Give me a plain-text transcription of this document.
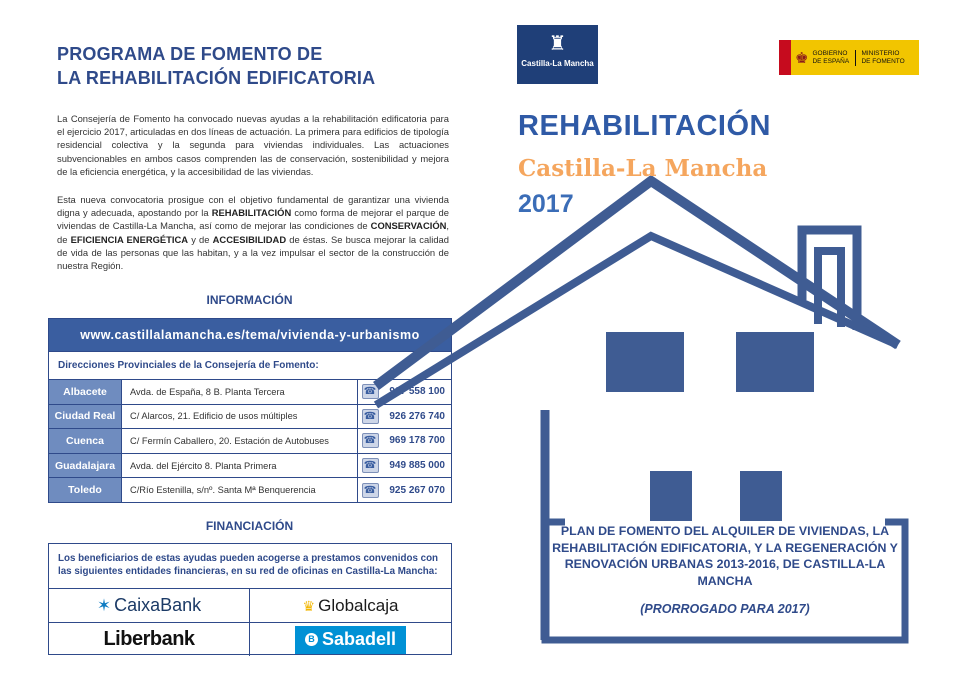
PROGRAMA DE FOMENTO DE
LA REHABILITACIÓN EDIFICATORIA

La Consejería de Fomento ha convocado nuevas ayudas a la rehabilitación edificatoria para el ejercicio 2017, articuladas en dos líneas de actuación. La primera para edificios de tipología residencial colectiva y la segunda para viviendas individuales. Las actuaciones subvencionables en ambos casos comprenden las de conservación, sostenibilidad y mejora de la eficiencia energética, y la accesibilidad de las viviendas.

Esta nueva convocatoria prosigue con el objetivo fundamental de garantizar una vivienda digna y adecuada, apostando por la REHABILITACIÓN como forma de mejorar el parque de viviendas de Castilla-La Mancha, así como de mejorar las condiciones de CONSERVACIÓN, de EFICIENCIA ENERGÉTICA y de ACCESIBILIDAD de éstas. Se busca mejorar la calidad de vida de las personas que las habitan, y a la vez impulsar el sector de la construcción de nuestra Región.

INFORMACIÓN
www.castillalamancha.es/tema/vivienda-y-urbanismo
Direcciones Provinciales de la Consejería de Fomento:
Albacete	Avda. de España, 8 B. Planta Tercera	☎	967 558 100
Ciudad Real	C/ Alarcos, 21. Edificio de usos múltiples	☎	926 276 740
Cuenca	C/ Fermín Caballero, 20. Estación de Autobuses	☎	969 178 700
Guadalajara	Avda. del Ejército 8. Planta Primera	☎	949 885 000
Toledo	C/Río Estenilla, s/nº. Santa Mª Benquerencia	☎	925 267 070
FINANCIACIÓN
Los beneficiarios de estas ayudas pueden acogerse a prestamos convenidos con las siguientes entidades financieras, en su red de oficinas en Castilla-La Mancha:
✶ CaixaBank	♛ Globalcaja
Liberbank	B Sabadell
♜
Castilla-La Mancha	♚ GOBIERNO DE ESPAÑA
MINISTERIO DE FOMENTO
REHABILITACIÓN
Castilla-La Mancha
2017
PLAN DE FOMENTO DEL ALQUILER DE VIVIENDAS, LA REHABILITACIÓN EDIFICATORIA, Y LA REGENERACIÓN Y RENOVACIÓN URBANAS 2013-2016, DE CASTILLA-LA MANCHA
(PRORROGADO PARA 2017)
